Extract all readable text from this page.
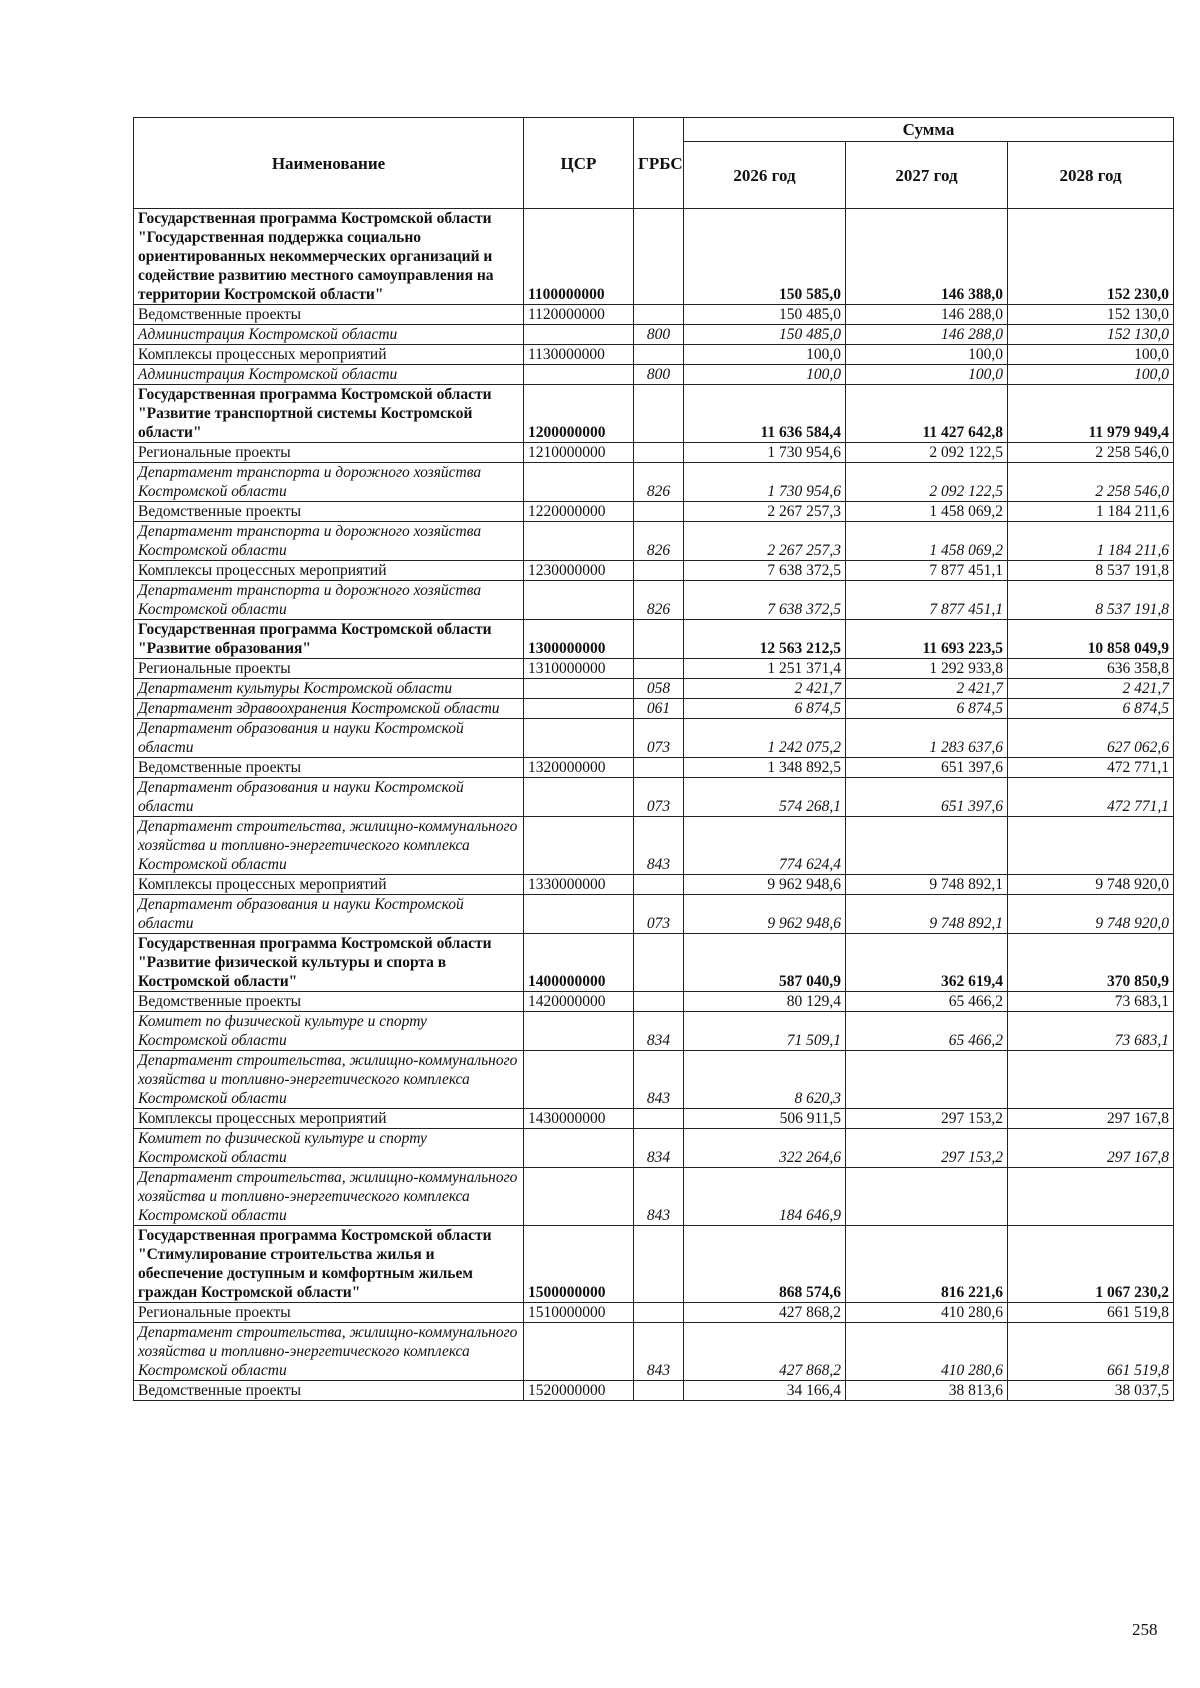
Наименование	ЦСР	ГРБС	Сумма		
			2026 год	2027 год	2028 год
Государственная программа Костромской области "Государственная поддержка социально ориентированных некоммерческих организаций и содействие развитию местного самоуправления на территории Костромской области"	1100000000		150 585,0	146 388,0	152 230,0
Ведомственные проекты	1120000000		150 485,0	146 288,0	152 130,0
Администрация Костромской области		800	150 485,0	146 288,0	152 130,0
Комплексы процессных мероприятий	1130000000		100,0	100,0	100,0
Администрация Костромской области		800	100,0	100,0	100,0
Государственная программа Костромской области "Развитие транспортной системы Костромской области"	1200000000		11 636 584,4	11 427 642,8	11 979 949,4
Региональные проекты	1210000000		1 730 954,6	2 092 122,5	2 258 546,0
Департамент транспорта и дорожного хозяйства Костромской области		826	1 730 954,6	2 092 122,5	2 258 546,0
Ведомственные проекты	1220000000		2 267 257,3	1 458 069,2	1 184 211,6
Департамент транспорта и дорожного хозяйства Костромской области		826	2 267 257,3	1 458 069,2	1 184 211,6
Комплексы процессных мероприятий	1230000000		7 638 372,5	7 877 451,1	8 537 191,8
Департамент транспорта и дорожного хозяйства Костромской области		826	7 638 372,5	7 877 451,1	8 537 191,8
Государственная программа Костромской области "Развитие образования"	1300000000		12 563 212,5	11 693 223,5	10 858 049,9
Региональные проекты	1310000000		1 251 371,4	1 292 933,8	636 358,8
Департамент культуры Костромской области		058	2 421,7	2 421,7	2 421,7
Департамент здравоохранения Костромской области		061	6 874,5	6 874,5	6 874,5
Департамент образования и науки Костромской области		073	1 242 075,2	1 283 637,6	627 062,6
Ведомственные проекты	1320000000		1 348 892,5	651 397,6	472 771,1
Департамент образования и науки Костромской области		073	574 268,1	651 397,6	472 771,1
Департамент строительства, жилищно-коммунального хозяйства и топливно-энергетического комплекса Костромской области		843	774 624,4		
Комплексы процессных мероприятий	1330000000		9 962 948,6	9 748 892,1	9 748 920,0
Департамент образования и науки Костромской области		073	9 962 948,6	9 748 892,1	9 748 920,0
Государственная программа Костромской области "Развитие физической культуры и спорта в Костромской области"	1400000000		587 040,9	362 619,4	370 850,9
Ведомственные проекты	1420000000		80 129,4	65 466,2	73 683,1
Комитет по физической культуре и спорту Костромской области		834	71 509,1	65 466,2	73 683,1
Департамент строительства, жилищно-коммунального хозяйства и топливно-энергетического комплекса Костромской области		843	8 620,3		
Комплексы процессных мероприятий	1430000000		506 911,5	297 153,2	297 167,8
Комитет по физической культуре и спорту Костромской области		834	322 264,6	297 153,2	297 167,8
Департамент строительства, жилищно-коммунального хозяйства и топливно-энергетического комплекса Костромской области		843	184 646,9		
Государственная программа Костромской области "Стимулирование строительства жилья и обеспечение доступным и комфортным жильем граждан Костромской области"	1500000000		868 574,6	816 221,6	1 067 230,2
Региональные проекты	1510000000		427 868,2	410 280,6	661 519,8
Департамент строительства, жилищно-коммунального хозяйства и топливно-энергетического комплекса Костромской области		843	427 868,2	410 280,6	661 519,8
Ведомственные проекты	1520000000		34 166,4	38 813,6	38 037,5
258
